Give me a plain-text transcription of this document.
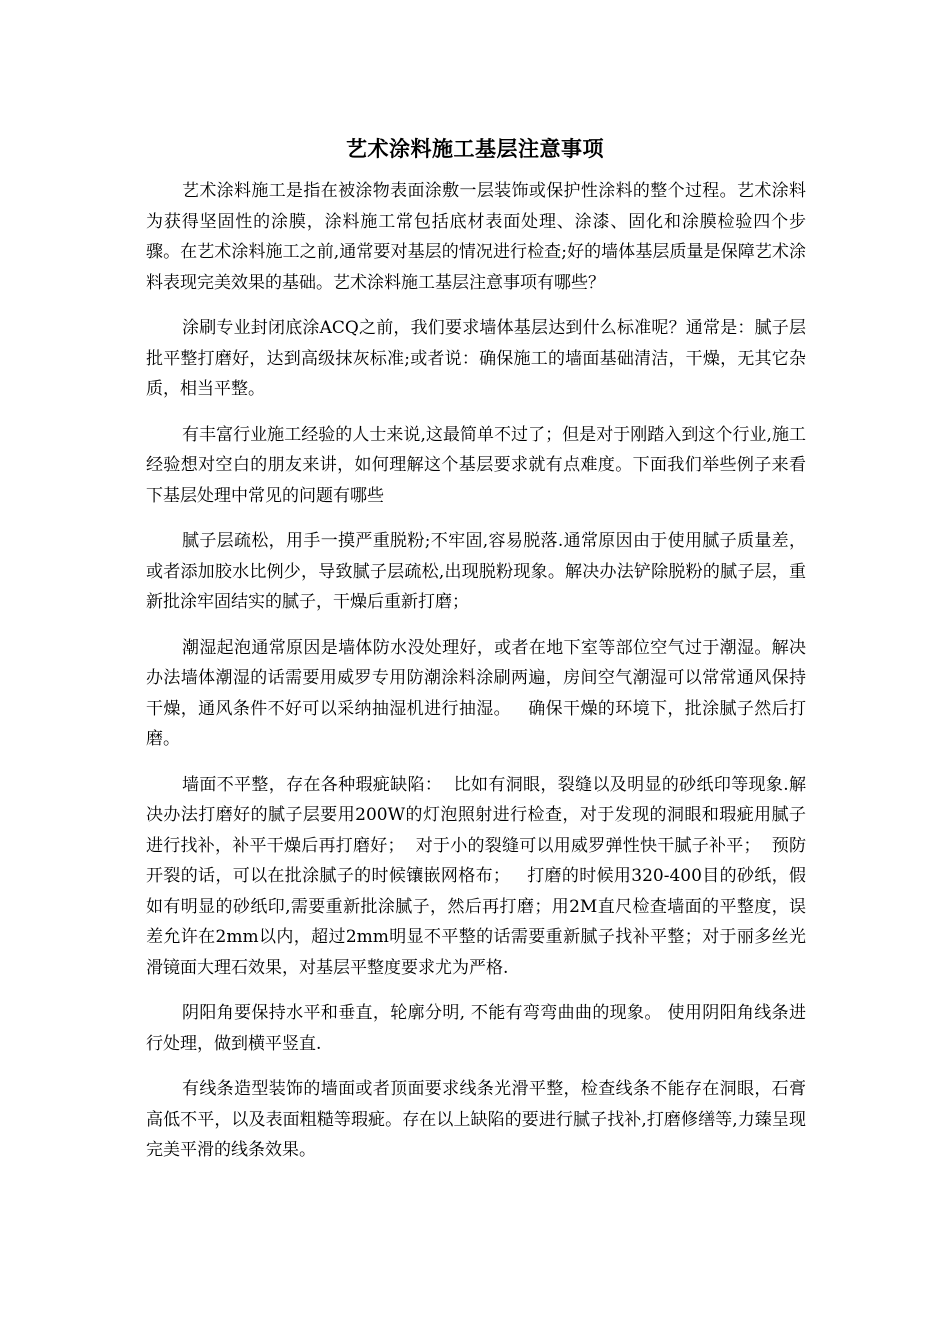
艺术涂料施工基层注意事项

艺术涂料施工是指在被涂物表面涂敷一层装饰或保护性涂料的整个过程。艺术涂料为获得坚固性的涂膜，涂料施工常包括底材表面处理、涂漆、固化和涂膜检验四个步骤。在艺术涂料施工之前,通常要对基层的情况进行检查;好的墙体基层质量是保障艺术涂料表现完美效果的基础。艺术涂料施工基层注意事项有哪些？

涂刷专业封闭底涂ACQ之前，我们要求墙体基层达到什么标准呢？通常是：腻子层批平整打磨好，达到高级抹灰标准;或者说：确保施工的墙面基础清洁，干燥，无其它杂质，相当平整。

有丰富行业施工经验的人士来说,这最简单不过了；但是对于刚踏入到这个行业,施工经验想对空白的朋友来讲，如何理解这个基层要求就有点难度。下面我们举些例子来看下基层处理中常见的问题有哪些

腻子层疏松，用手一摸严重脱粉;不牢固,容易脱落.通常原因由于使用腻子质量差，或者添加胶水比例少，导致腻子层疏松,出现脱粉现象。解决办法铲除脱粉的腻子层，重新批涂牢固结实的腻子，干燥后重新打磨；

潮湿起泡通常原因是墙体防水没处理好，或者在地下室等部位空气过于潮湿。解决办法墙体潮湿的话需要用威罗专用防潮涂料涂刷两遍，房间空气潮湿可以常常通风保持干燥，通风条件不好可以采纳抽湿机进行抽湿。   确保干燥的环境下，批涂腻子然后打磨。

墙面不平整，存在各种瑕疵缺陷：  比如有洞眼，裂缝以及明显的砂纸印等现象.解决办法打磨好的腻子层要用200W的灯泡照射进行检查，对于发现的洞眼和瑕疵用腻子进行找补，补平干燥后再打磨好；  对于小的裂缝可以用威罗弹性快干腻子补平；  预防开裂的话，可以在批涂腻子的时候镶嵌网格布；   打磨的时候用320-400目的砂纸，假如有明显的砂纸印,需要重新批涂腻子，然后再打磨；用2M直尺检查墙面的平整度，误差允许在2mm以内，超过2mm明显不平整的话需要重新腻子找补平整；对于丽多丝光滑镜面大理石效果，对基层平整度要求尤为严格.

阴阳角要保持水平和垂直，轮廓分明, 不能有弯弯曲曲的现象。 使用阴阳角线条进行处理，做到横平竖直.

有线条造型装饰的墙面或者顶面要求线条光滑平整，检查线条不能存在洞眼，石膏高低不平，以及表面粗糙等瑕疵。存在以上缺陷的要进行腻子找补,打磨修缮等,力臻呈现完美平滑的线条效果。
